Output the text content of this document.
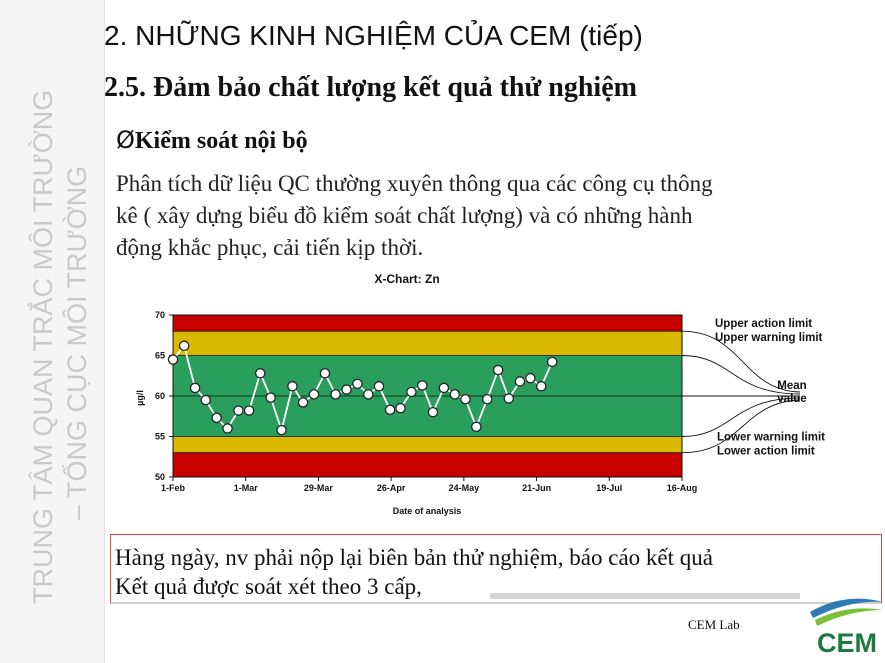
TRUNG TÂM QUAN TRẮC MÔI TRƯỜNG – TỔNG CỤC MÔI TRƯỜNG
2. NHỮNG KINH NGHIỆM CỦA CEM (tiếp)
2.5. Đảm bảo chất lượng kết quả thử nghiệm
ØKiểm soát nội bộ
Phân tích dữ liệu QC thường xuyên thông qua các công cụ thông
kê ( xây dựng biểu đồ kiểm soát chất lượng) và có những hành
động khắc phục, cải tiến kịp thời.
50
55
60
65
70
1-Feb	1-Mar	29-Mar	26-Apr	24-May	21-Jun	19-Jul	16-Aug
Upper action limit
Upper warning limit
Mean
value
Lower warning limit
Lower action limit
X-Chart: Zn
Date of analysis
µg/l
Hàng ngày, nv phải nộp lại biên bản thử nghiệm, báo cáo kết quả
Kết quả được soát xét theo 3 cấp,
CEM Lab
CEM
